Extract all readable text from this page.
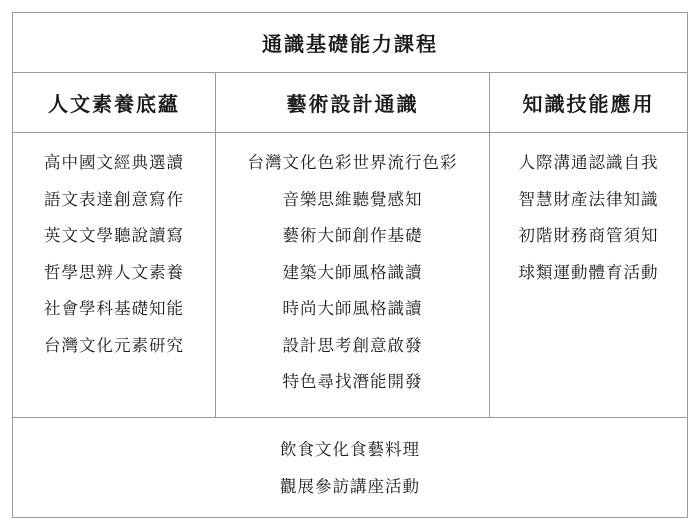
通識基礎能力課程
人文素養底蘊
高中國文經典選讀
語文表達創意寫作
英文文學聽說讀寫
哲學思辨人文素養
社會學科基礎知能
台灣文化元素研究
藝術設計通識
台灣文化色彩世界流行色彩
音樂思維聽覺感知
藝術大師創作基礎
建築大師風格識讀
時尚大師風格識讀
設計思考創意啟發
特色尋找潛能開發
知識技能應用
人際溝通認識自我
智慧財產法律知識
初階財務商管須知
球類運動體育活動
飲食文化食藝料理
觀展參訪講座活動
